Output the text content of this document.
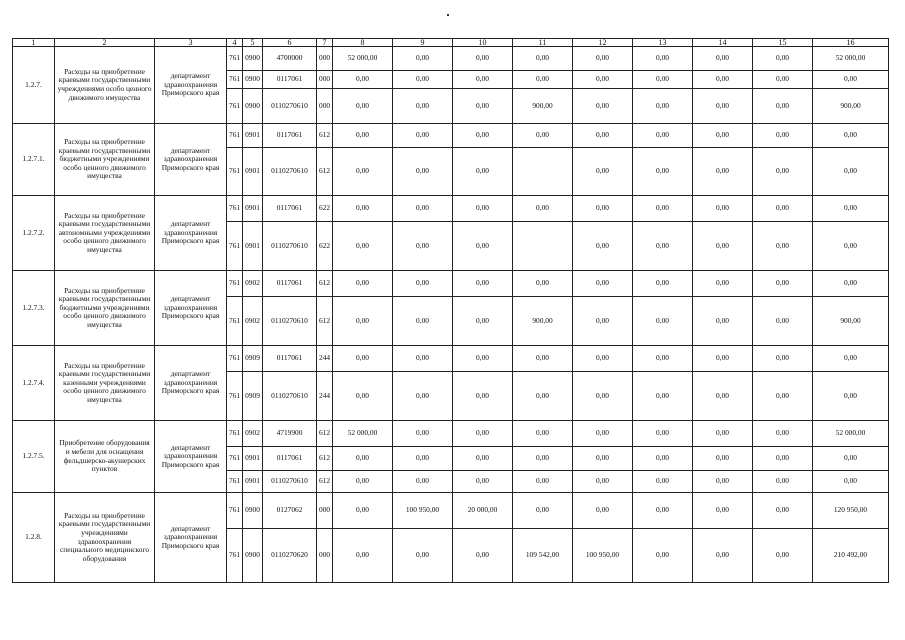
1	2	3	4	5	6	7	8	9	10	11	12	13	14	15	16
1.2.7.	Расходы на приобретение краевыми государственными учреждениями особо ценного движимого имущества	департамент здравоохранения Приморского края	761	0900	4700000	000	52 000,00	0,00	0,00	0,00	0,00	0,00	0,00	0,00	52 000,00
			761	0900	0117061	000	0,00	0,00	0,00	0,00	0,00	0,00	0,00	0,00	0,00
			761	0900	0110270610	000	0,00	0,00	0,00	900,00	0,00	0,00	0,00	0,00	900,00
1.2.7.1.	Расходы на приобретение краевыми государственными бюджетными учреждениями особо ценного движимого имущества	департамент здравоохранения Приморского края	761	0901	0117061	612	0,00	0,00	0,00	0,00	0,00	0,00	0,00	0,00	0,00
			761	0901	0110270610	612	0,00	0,00	0,00		0,00	0,00	0,00	0,00	0,00
1.2.7.2.	Расходы на приобретение краевыми государственными автономными учреждениями особо ценного движимого имущества	департамент здравоохранения Приморского края	761	0901	0117061	622	0,00	0,00	0,00	0,00	0,00	0,00	0,00	0,00	0,00
			761	0901	0110270610	622	0,00	0,00	0,00		0,00	0,00	0,00	0,00	0,00
1.2.7.3.	Расходы на приобретение краевыми государственными бюджетными учреждениями особо ценного движимого имущества	департамент здравоохранения Приморского края	761	0902	0117061	612	0,00	0,00	0,00	0,00	0,00	0,00	0,00	0,00	0,00
			761	0902	0110270610	612	0,00	0,00	0,00	900,00	0,00	0,00	0,00	0,00	900,00
1.2.7.4.	Расходы на приобретение краевыми государственными казенными учреждениями особо ценного движимого имущества	департамент здравоохранения Приморского края	761	0909	0117061	244	0,00	0,00	0,00	0,00	0,00	0,00	0,00	0,00	0,00
			761	0909	0110270610	244	0,00	0,00	0,00	0,00	0,00	0,00	0,00	0,00	0,00
1.2.7.5.	Приобретение оборудования и мебели для оснащения фельдшерско-акушерских пунктов	департамент здравоохранения Приморского края	761	0902	4719900	612	52 000,00	0,00	0,00	0,00	0,00	0,00	0,00	0,00	52 000,00
			761	0901	0117061	612	0,00	0,00	0,00	0,00	0,00	0,00	0,00	0,00	0,00
			761	0901	0110270610	612	0,00	0,00	0,00	0,00	0,00	0,00	0,00	0,00	0,00
1.2.8.	Расходы на приобретение краевыми государственными учреждениями здравоохранения специального медицинского оборудования	департамент здравоохранения Приморского края	761	0900	0127062	000	0,00	100 950,00	20 000,00	0,00	0,00	0,00	0,00	0,00	120 950,00
			761	0900	0110270620	000	0,00	0,00	0,00	109 542,00	100 950,00	0,00	0,00	0,00	210 492,00
